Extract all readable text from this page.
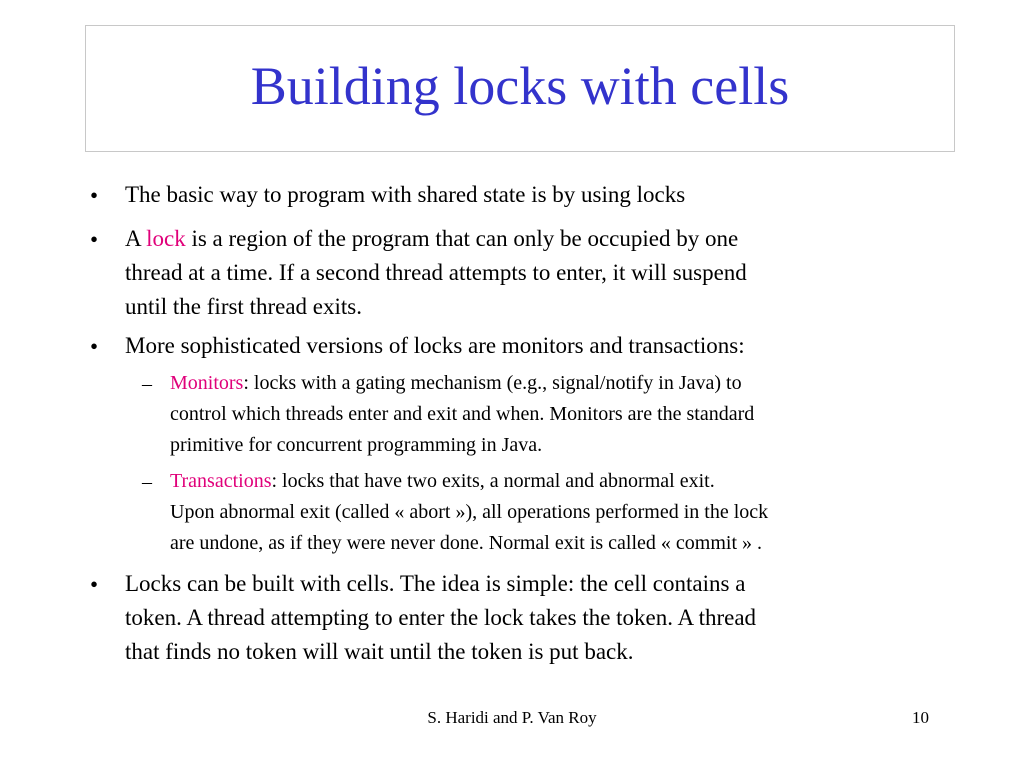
Building locks with cells
• The basic way to program with shared state is by using locks
• A lock is a region of the program that can only be occupied by one
thread at a time. If a second thread attempts to enter, it will suspend
until the first thread exits.
• More sophisticated versions of locks are monitors and transactions:
– Monitors: locks with a gating mechanism (e.g., signal/notify in Java) to
control which threads enter and exit and when. Monitors are the standard
primitive for concurrent programming in Java.
– Transactions: locks that have two exits, a normal and abnormal exit.
Upon abnormal exit (called « abort »), all operations performed in the lock
are undone, as if they were never done. Normal exit is called « commit » .
• Locks can be built with cells. The idea is simple: the cell contains a
token. A thread attempting to enter the lock takes the token. A thread
that finds no token will wait until the token is put back.
S. Haridi and P. Van Roy	10
